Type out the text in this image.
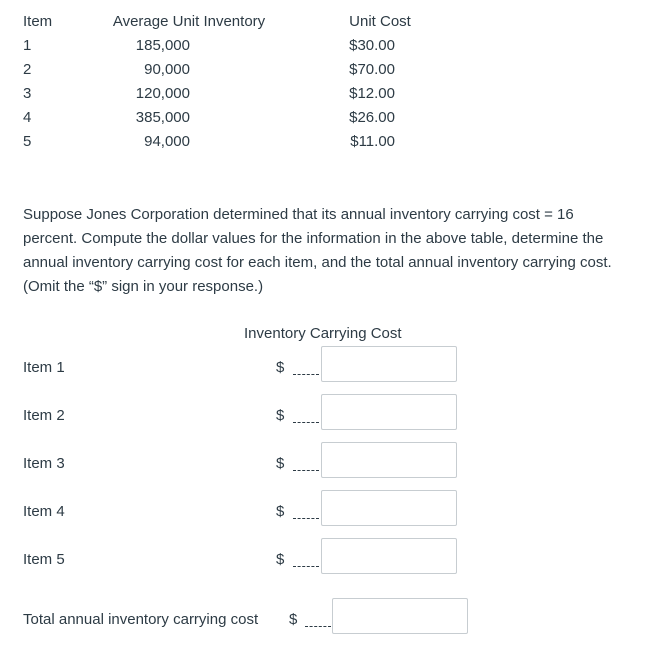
Item	Average Unit Inventory	Unit Cost
1	185,000	$30.00
2	90,000	$70.00
3	120,000	$12.00
4	385,000	$26.00
5	94,000	$11.00
Suppose Jones Corporation determined that its annual inventory carrying cost = 16 percent. Compute the dollar values for the information in the above table, determine the annual inventory carrying cost for each item, and the total annual inventory carrying cost. (Omit the “$” sign in your response.)
Inventory Carrying Cost
Item 1	$
Item 2	$
Item 3	$
Item 4	$
Item 5	$
Total annual inventory carrying cost $
